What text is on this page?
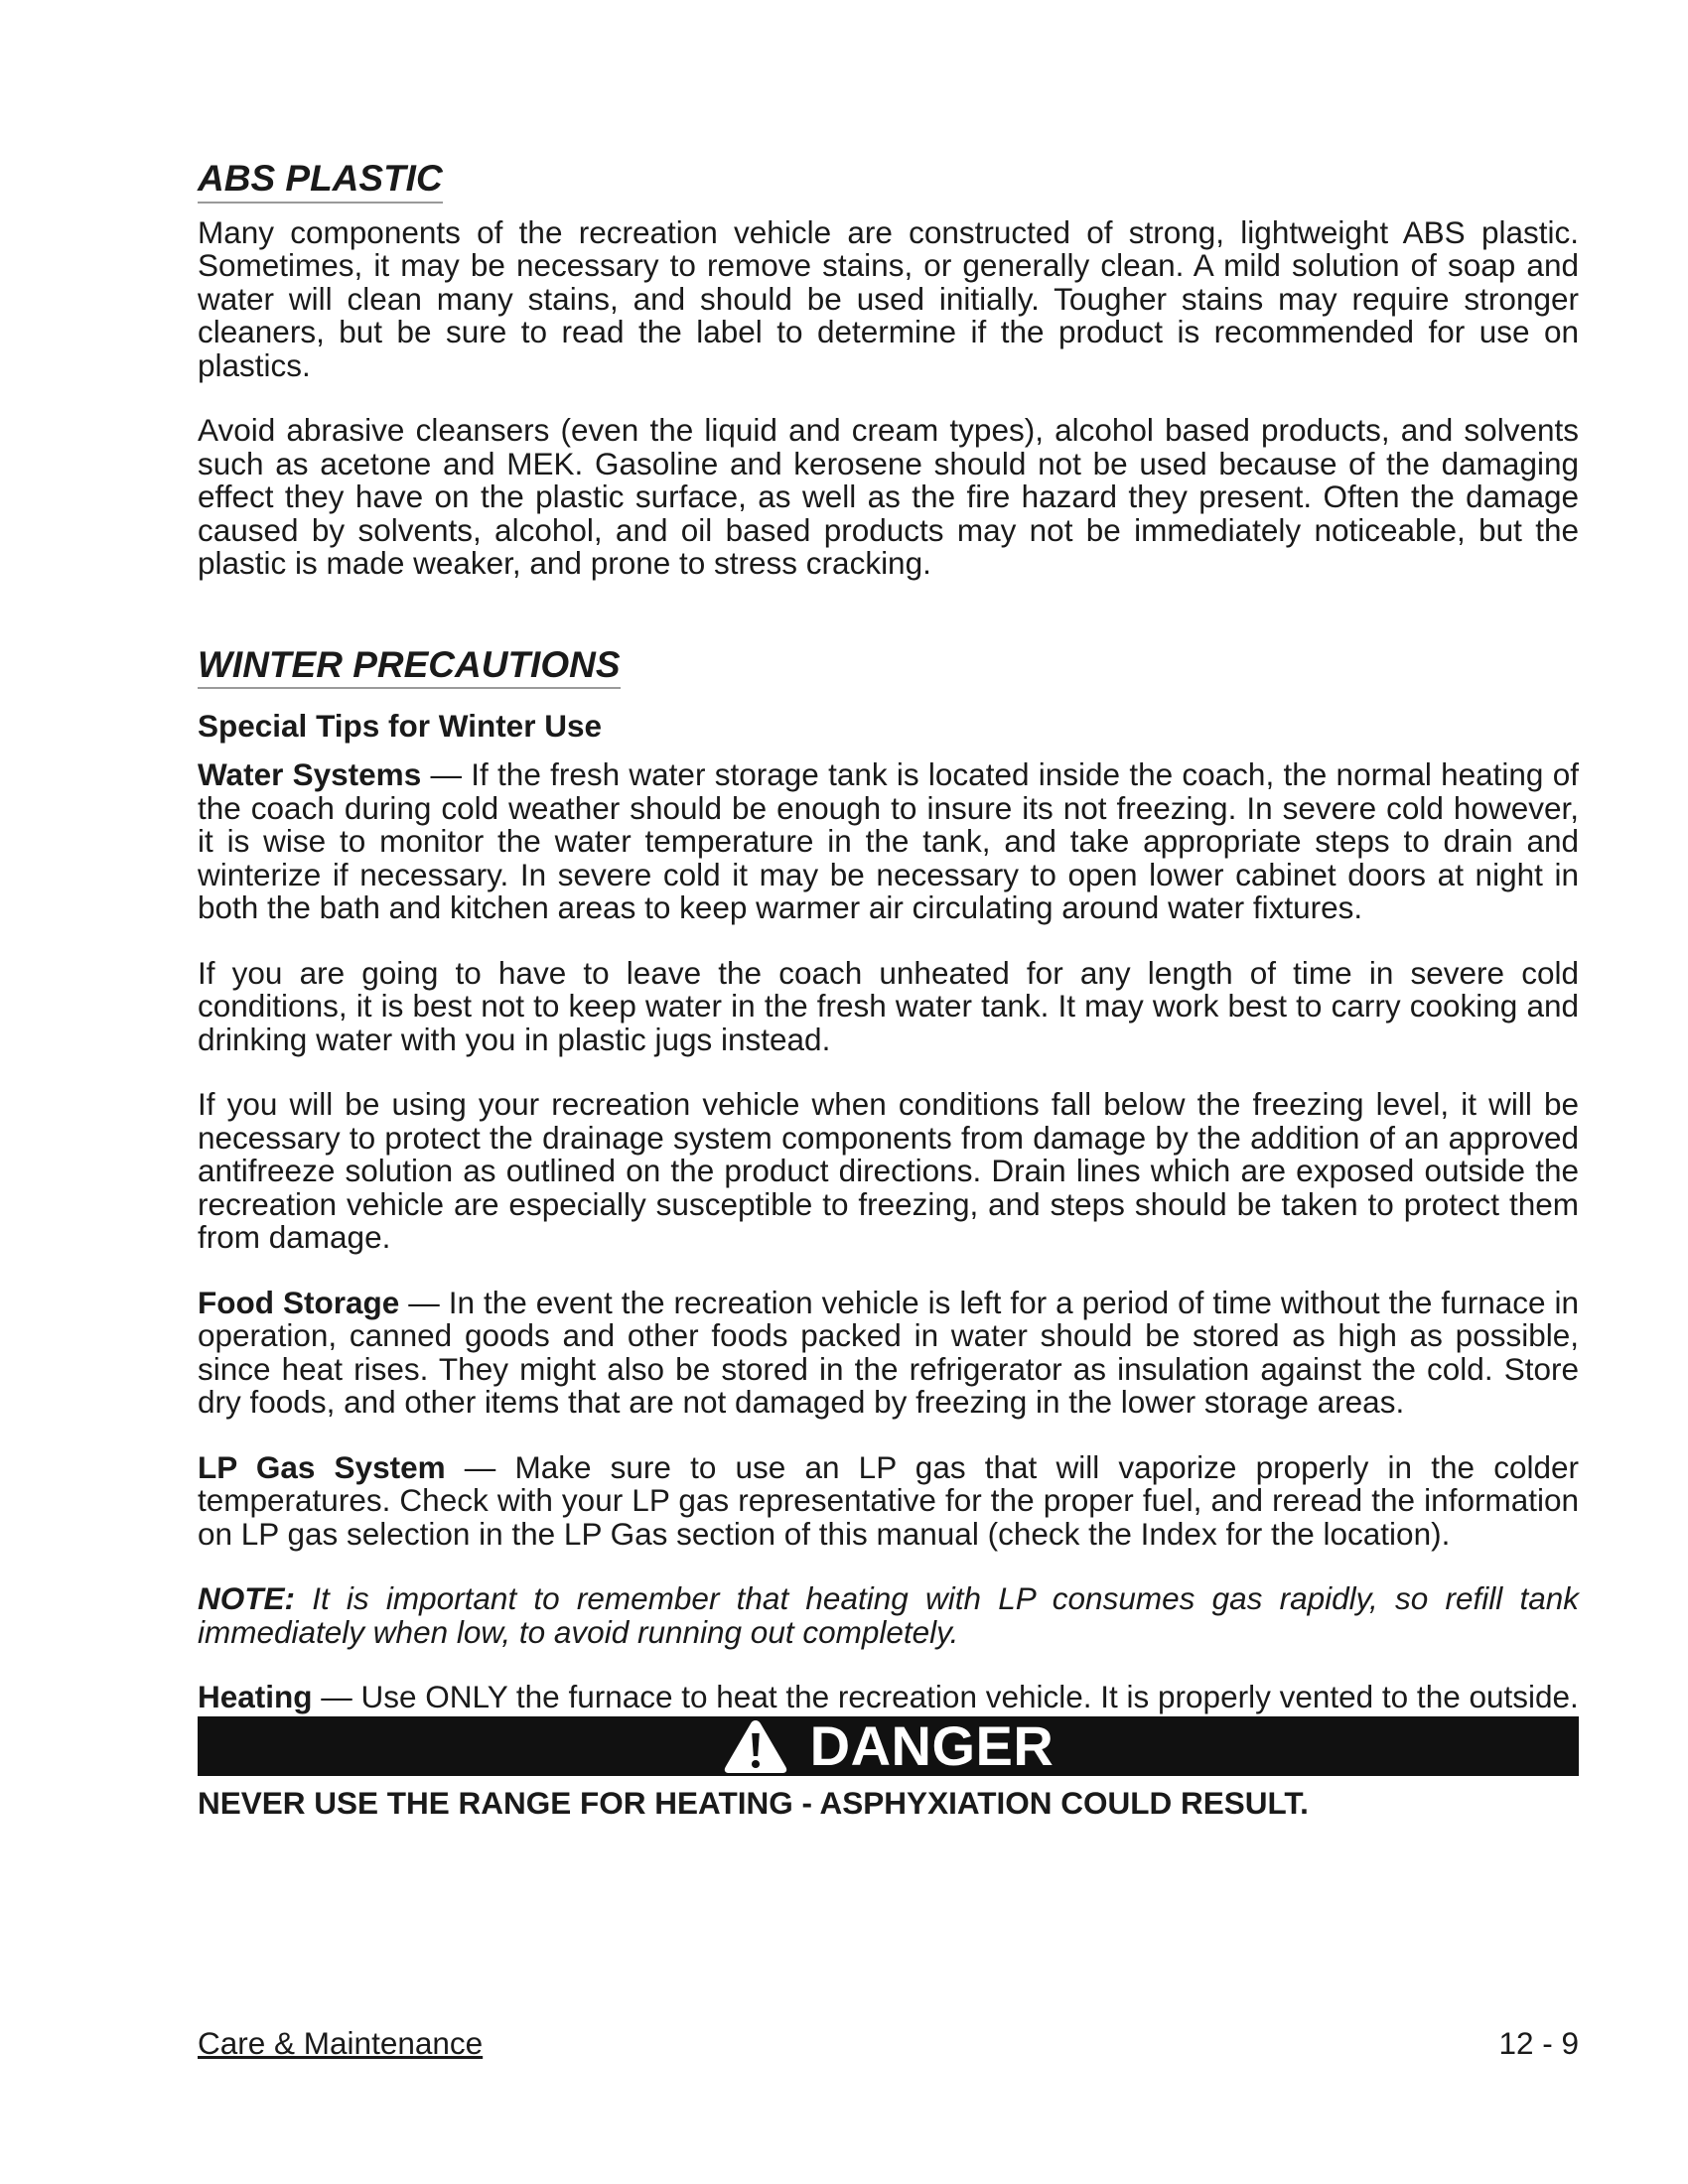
ABS PLASTIC

Many components of the recreation vehicle are constructed of strong, lightweight ABS plastic. Sometimes, it may be necessary to remove stains, or generally clean. A mild solution of soap and water will clean many stains, and should be used initially. Tougher stains may require stronger cleaners, but be sure to read the label to determine if the product is recommended for use on plastics.

Avoid abrasive cleansers (even the liquid and cream types), alcohol based products, and solvents such as acetone and MEK. Gasoline and kerosene should not be used because of the damaging effect they have on the plastic surface, as well as the fire hazard they present. Often the damage caused by solvents, alcohol, and oil based products may not be immediately noticeable, but the plastic is made weaker, and prone to stress cracking.

WINTER PRECAUTIONS
Special Tips for Winter Use

Water Systems — If the fresh water storage tank is located inside the coach, the normal heating of the coach during cold weather should be enough to insure its not freezing. In severe cold however, it is wise to monitor the water temperature in the tank, and take appropriate steps to drain and winterize if necessary. In severe cold it may be necessary to open lower cabinet doors at night in both the bath and kitchen areas to keep warmer air circulating around water fixtures.

If you are going to have to leave the coach unheated for any length of time in severe cold conditions, it is best not to keep water in the fresh water tank. It may work best to carry cooking and drinking water with you in plastic jugs instead.

If you will be using your recreation vehicle when conditions fall below the freezing level, it will be necessary to protect the drainage system components from damage by the addition of an approved antifreeze solution as outlined on the product directions. Drain lines which are exposed outside the recreation vehicle are especially susceptible to freezing, and steps should be taken to protect them from damage.

Food Storage — In the event the recreation vehicle is left for a period of time without the furnace in operation, canned goods and other foods packed in water should be stored as high as possible, since heat rises. They might also be stored in the refrigerator as insulation against the cold. Store dry foods, and other items that are not damaged by freezing in the lower storage areas.

LP Gas System — Make sure to use an LP gas that will vaporize properly in the colder temperatures. Check with your LP gas representative for the proper fuel, and reread the information on LP gas selection in the LP Gas section of this manual (check the Index for the location).

NOTE: It is important to remember that heating with LP consumes gas rapidly, so refill tank immediately when low, to avoid running out completely.

Heating — Use ONLY the furnace to heat the recreation vehicle. It is properly vented to the outside.

DANGER
NEVER USE THE RANGE FOR HEATING - ASPHYXIATION COULD RESULT.
Care & Maintenance	12 - 9
